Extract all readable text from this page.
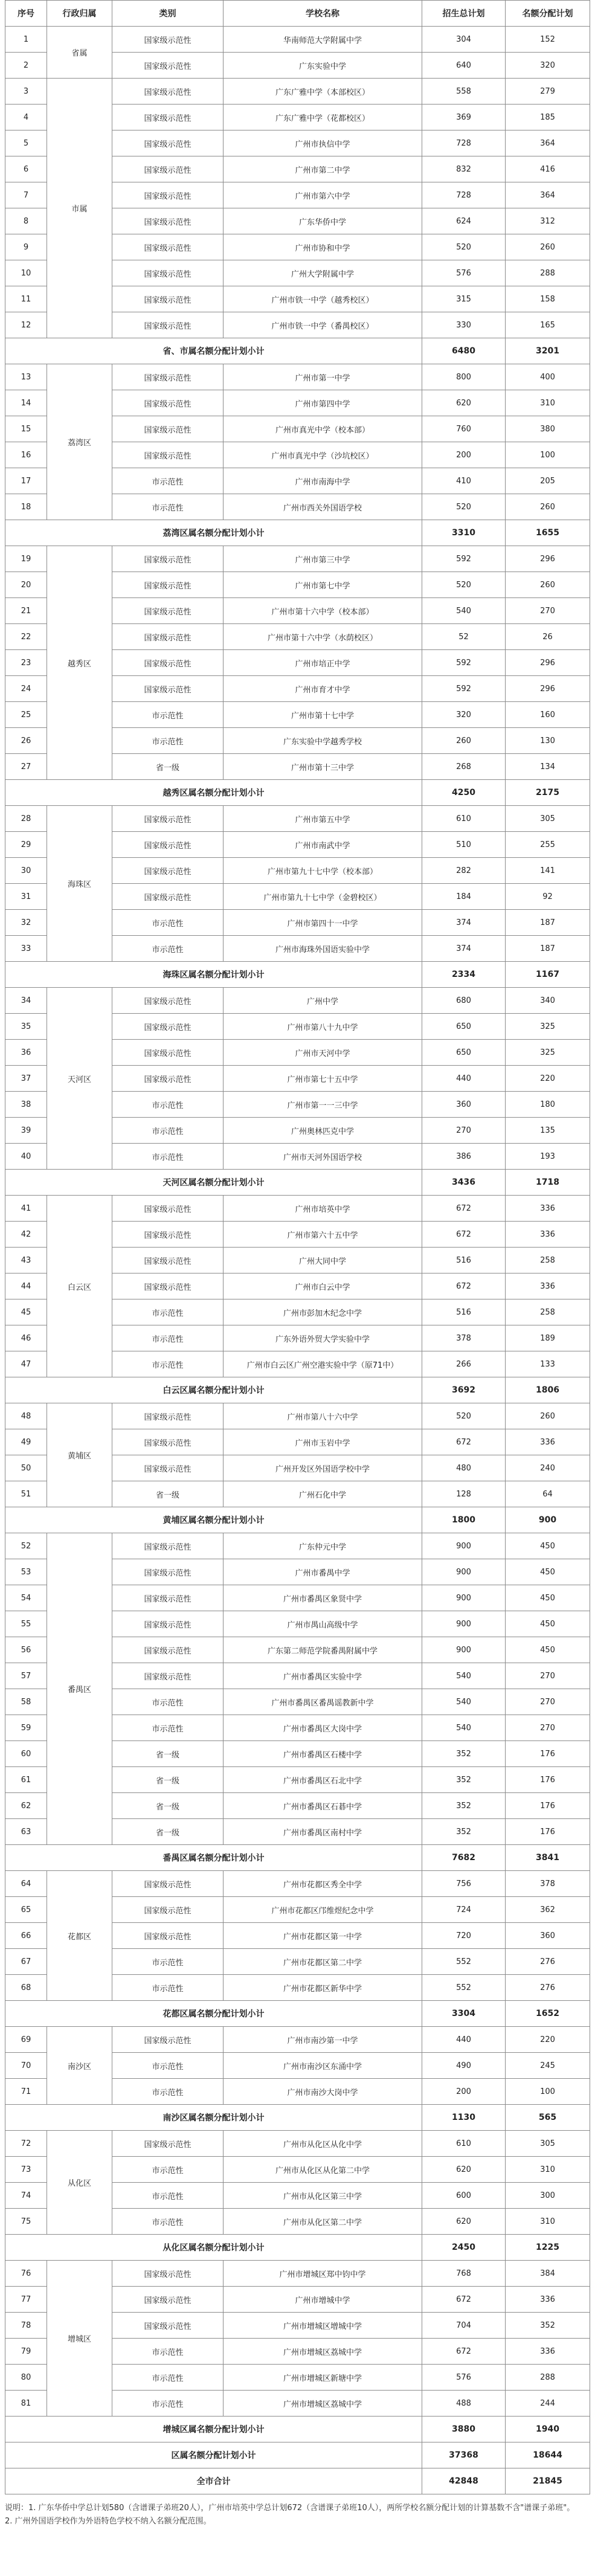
序号	行政归属	类别	学校名称	招生总计划	名额分配计划
1	省属	国家级示范性	华南师范大学附属中学	304	152
2		国家级示范性	广东实验中学	640	320
3	市属	国家级示范性	广东广雅中学（本部校区）	558	279
4		国家级示范性	广东广雅中学（花都校区）	369	185
5		国家级示范性	广州市执信中学	728	364
6		国家级示范性	广州市第二中学	832	416
7		国家级示范性	广州市第六中学	728	364
8		国家级示范性	广东华侨中学	624	312
9		国家级示范性	广州市协和中学	520	260
10		国家级示范性	广州大学附属中学	576	288
11		国家级示范性	广州市铁一中学（越秀校区）	315	158
12		国家级示范性	广州市铁一中学（番禺校区）	330	165
省、市属名额分配计划小计				6480	3201
13	荔湾区	国家级示范性	广州市第一中学	800	400
14		国家级示范性	广州市第四中学	620	310
15		国家级示范性	广州市真光中学（校本部）	760	380
16		国家级示范性	广州市真光中学（沙坑校区）	200	100
17		市示范性	广州市南海中学	410	205
18		市示范性	广州市西关外国语学校	520	260
荔湾区属名额分配计划小计				3310	1655
19	越秀区	国家级示范性	广州市第三中学	592	296
20		国家级示范性	广州市第七中学	520	260
21		国家级示范性	广州市第十六中学（校本部）	540	270
22		国家级示范性	广州市第十六中学（水荫校区）	52	26
23		国家级示范性	广州市培正中学	592	296
24		国家级示范性	广州市育才中学	592	296
25		市示范性	广州市第十七中学	320	160
26		市示范性	广东实验中学越秀学校	260	130
27		省一级	广州市第十三中学	268	134
越秀区属名额分配计划小计				4250	2175
28	海珠区	国家级示范性	广州市第五中学	610	305
29		国家级示范性	广州市南武中学	510	255
30		国家级示范性	广州市第九十七中学（校本部）	282	141
31		国家级示范性	广州市第九十七中学（金碧校区）	184	92
32		市示范性	广州市第四十一中学	374	187
33		市示范性	广州市海珠外国语实验中学	374	187
海珠区属名额分配计划小计				2334	1167
34	天河区	国家级示范性	广州中学	680	340
35		国家级示范性	广州市第八十九中学	650	325
36		国家级示范性	广州市天河中学	650	325
37		国家级示范性	广州市第七十五中学	440	220
38		市示范性	广州市第一一三中学	360	180
39		市示范性	广州奥林匹克中学	270	135
40		市示范性	广州市天河外国语学校	386	193
天河区属名额分配计划小计				3436	1718
41	白云区	国家级示范性	广州市培英中学	672	336
42		国家级示范性	广州市第六十五中学	672	336
43		国家级示范性	广州大同中学	516	258
44		国家级示范性	广州市白云中学	672	336
45		市示范性	广州市彭加木纪念中学	516	258
46		市示范性	广东外语外贸大学实验中学	378	189
47		市示范性	广州市白云区广州空港实验中学（原71中）	266	133
白云区属名额分配计划小计				3692	1806
48	黄埔区	国家级示范性	广州市第八十六中学	520	260
49		国家级示范性	广州市玉岩中学	672	336
50		国家级示范性	广州开发区外国语学校中学	480	240
51		省一级	广州石化中学	128	64
黄埔区属名额分配计划小计				1800	900
52	番禺区	国家级示范性	广东仲元中学	900	450
53		国家级示范性	广州市番禺中学	900	450
54		国家级示范性	广州市番禺区象贤中学	900	450
55		国家级示范性	广州市禺山高级中学	900	450
56		国家级示范性	广东第二师范学院番禺附属中学	900	450
57		国家级示范性	广州市番禺区实验中学	540	270
58		市示范性	广州市番禺区番禺谣教新中学	540	270
59		市示范性	广州市番禺区大岗中学	540	270
60		省一级	广州市番禺区石楼中学	352	176
61		省一级	广州市番禺区石北中学	352	176
62		省一级	广州市番禺区石碁中学	352	176
63		省一级	广州市番禺区南村中学	352	176
番禺区属名额分配计划小计				7682	3841
64	花都区	国家级示范性	广州市花都区秀全中学	756	378
65		国家级示范性	广州市花都区邝维煜纪念中学	724	362
66		国家级示范性	广州市花都区第一中学	720	360
67		市示范性	广州市花都区第二中学	552	276
68		市示范性	广州市花都区新华中学	552	276
花都区属名额分配计划小计				3304	1652
69	南沙区	国家级示范性	广州市南沙第一中学	440	220
70		市示范性	广州市南沙区东涌中学	490	245
71		市示范性	广州市南沙大岗中学	200	100
南沙区属名额分配计划小计				1130	565
72	从化区	国家级示范性	广州市从化区从化中学	610	305
73		市示范性	广州市从化区从化第二中学	620	310
74		市示范性	广州市从化区第三中学	600	300
75		市示范性	广州市从化区第二中学	620	310
从化区属名额分配计划小计				2450	1225
76	增城区	国家级示范性	广州市增城区郑中钧中学	768	384
77		国家级示范性	广州市增城中学	672	336
78		国家级示范性	广州市增城区增城中学	704	352
79		市示范性	广州市增城区荔城中学	672	336
80		市示范性	广州市增城区新塘中学	576	288
81		市示范性	广州市增城区荔城中学	488	244
增城区属名额分配计划小计				3880	1940
区属名额分配计划小计				37368	18644
全市合计				42848	21845
说明：1. 广东华侨中学总计划580（含谱课子弟班20人），广州市培英中学总计划672（含谱课子弟班10人），两所学校名额分配计划的计算基数不含"谱课子弟班"。
2. 广州外国语学校作为外语特色学校不纳入名额分配范围。
